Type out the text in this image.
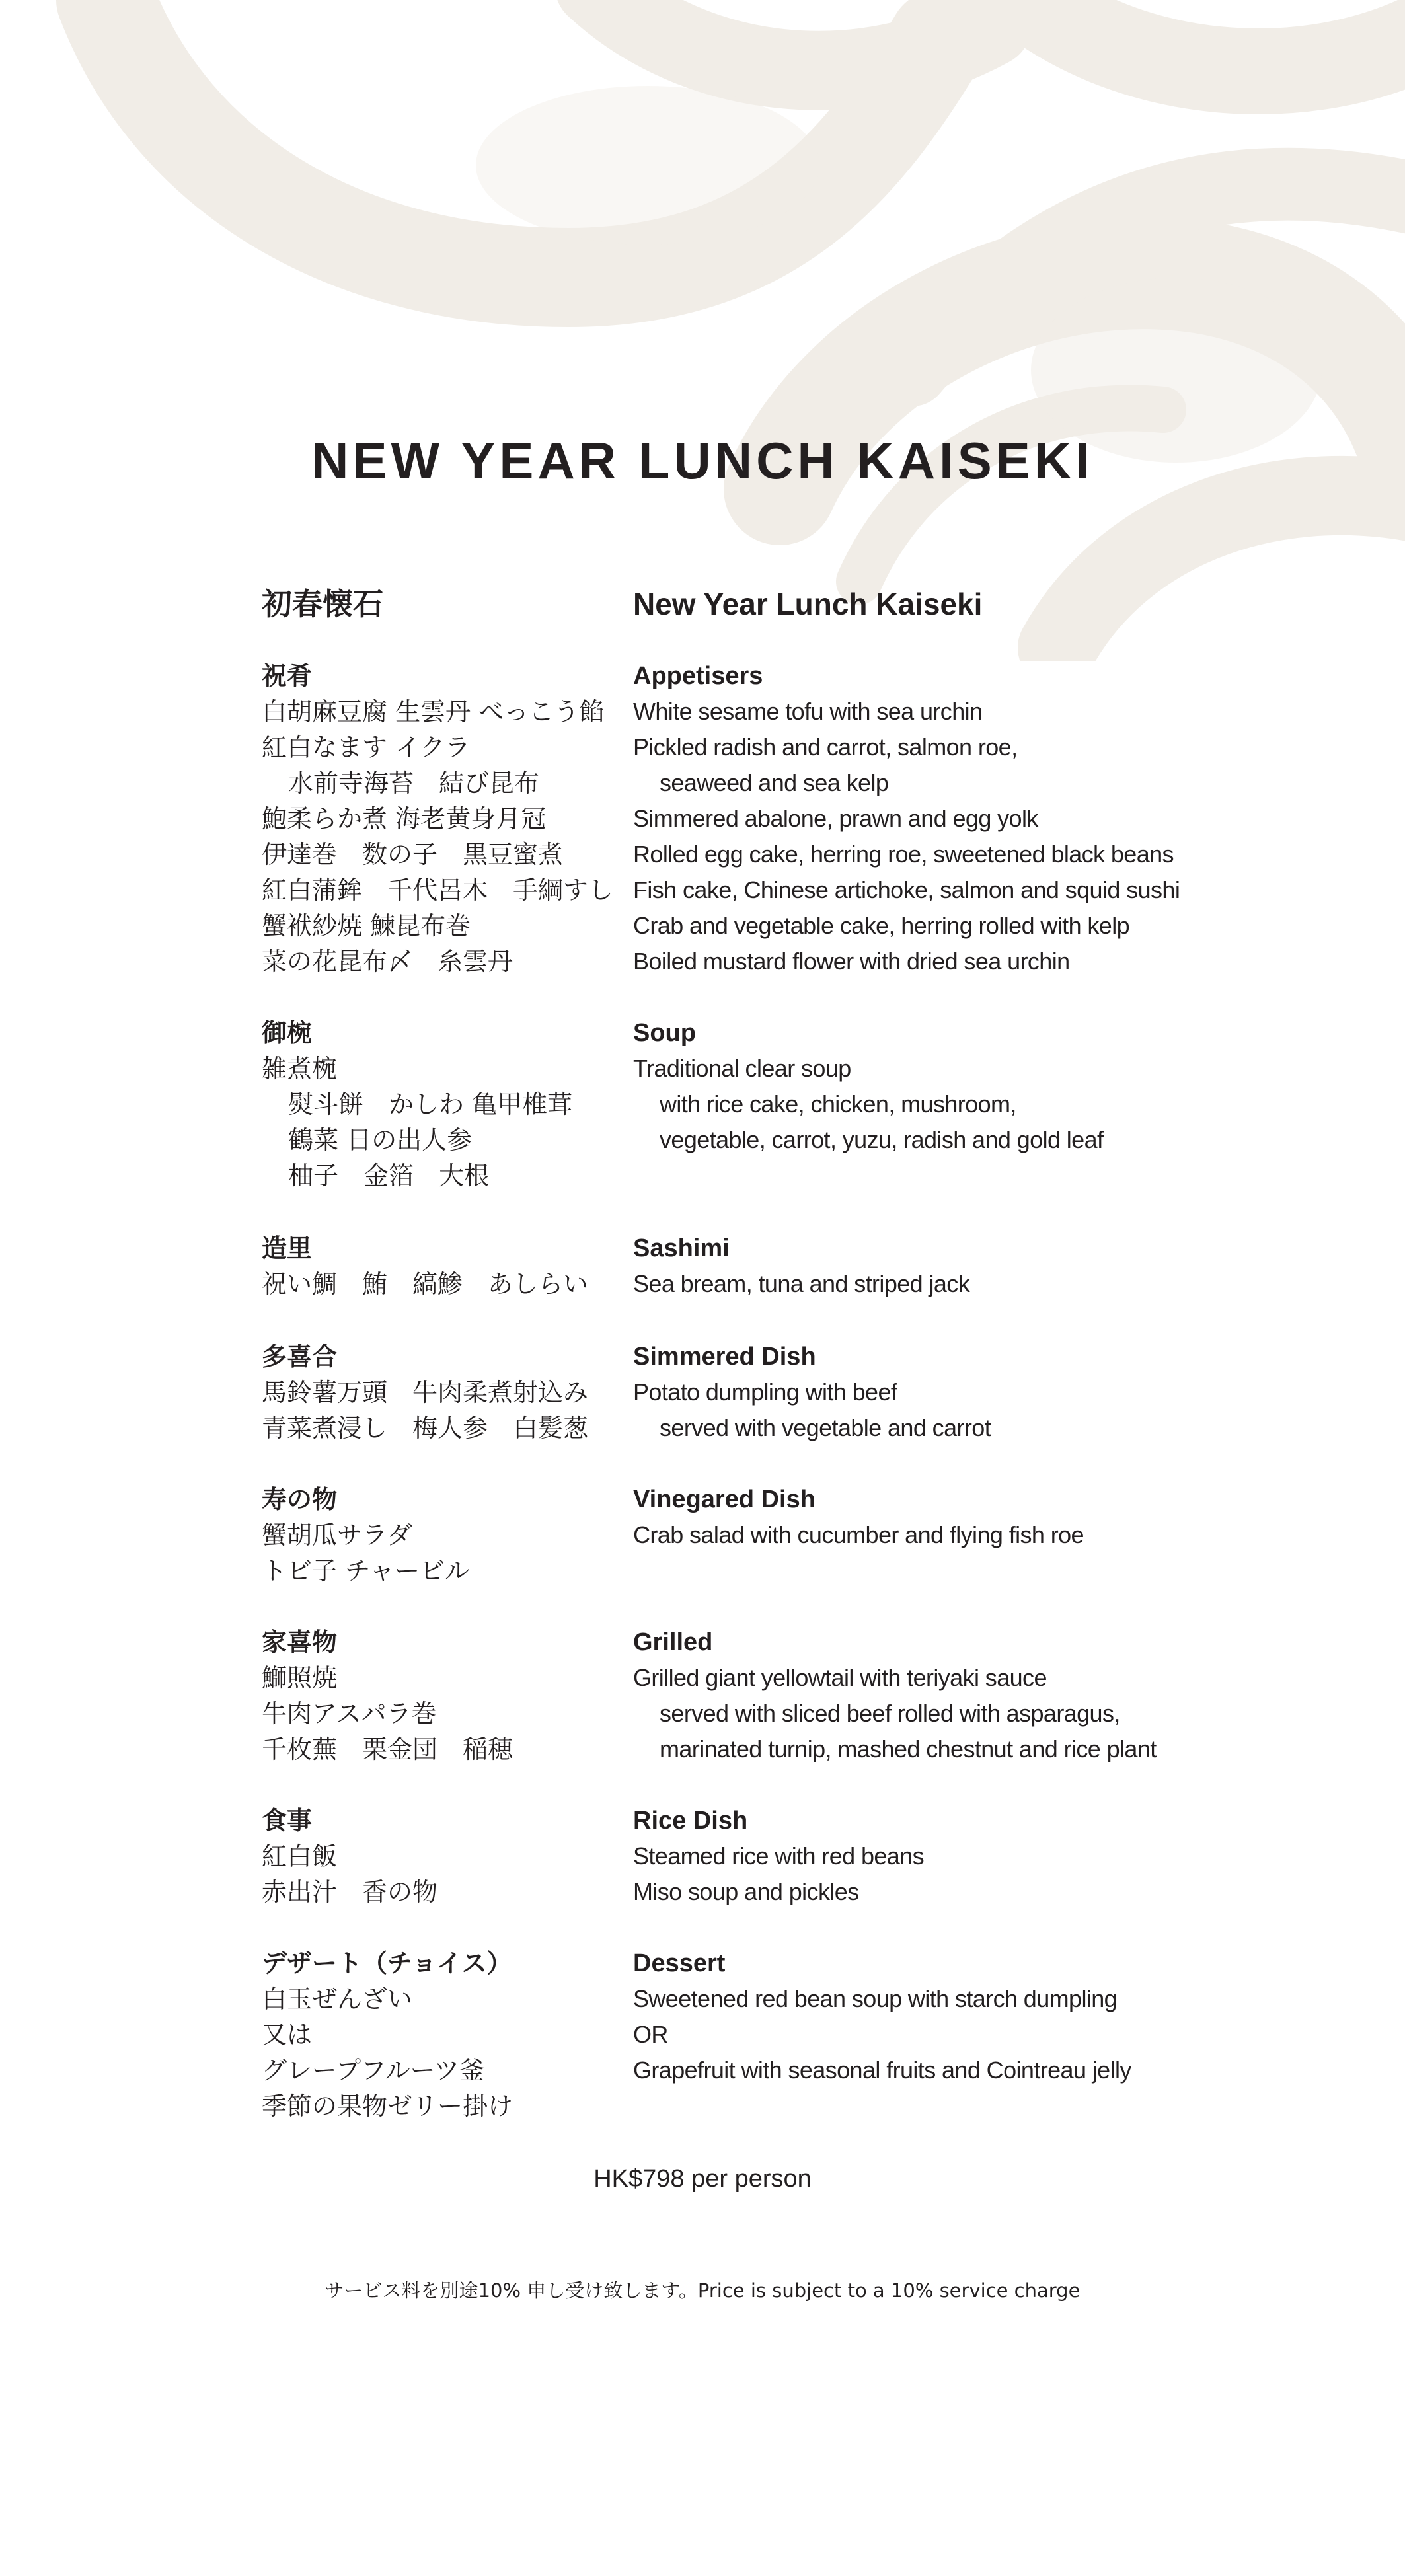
NEW YEAR LUNCH KAISEKI
初春懐石
祝肴
白胡麻豆腐 生雲丹 べっこう餡
紅白なます イクラ
水前寺海苔　結び昆布
鮑柔らか煮 海老黄身月冠
伊達巻　数の子　黒豆蜜煮
紅白蒲鉾　千代呂木　手綱すし
蟹袱紗焼 鰊昆布巻
菜の花昆布〆　糸雲丹
御椀
雑煮椀
熨斗餅　かしわ 亀甲椎茸
鶴菜 日の出人参
柚子　金箔　大根
造里
祝い鯛　鮪　縞鯵　あしらい
多喜合
馬鈴薯万頭　牛肉柔煮射込み
青菜煮浸し　梅人参　白髪葱
寿の物
蟹胡瓜サラダ
トビ子 チャービル
家喜物
鰤照焼
牛肉アスパラ巻
千枚蕪　栗金団　稲穂
食事
紅白飯
赤出汁　香の物
デザート（チョイス）
白玉ぜんざい
又は
グレープフルーツ釜
季節の果物ゼリー掛け
New Year Lunch Kaiseki
Appetisers
White sesame tofu with sea urchin
Pickled radish and carrot, salmon roe,
seaweed and sea kelp
Simmered abalone, prawn and egg yolk
Rolled egg cake, herring roe, sweetened black beans
Fish cake, Chinese artichoke, salmon and squid sushi
Crab and vegetable cake, herring rolled with kelp
Boiled mustard flower with dried sea urchin
Soup
Traditional clear soup
with rice cake, chicken, mushroom,
vegetable, carrot, yuzu, radish and gold leaf
Sashimi
Sea bream, tuna and striped jack
Simmered Dish
Potato dumpling with beef
served with vegetable and carrot
Vinegared Dish
Crab salad with cucumber and flying fish roe
Grilled
Grilled giant yellowtail with teriyaki sauce
served with sliced beef rolled with asparagus,
marinated turnip, mashed chestnut and rice plant
Rice Dish
Steamed rice with red beans
Miso soup and pickles
Dessert
Sweetened red bean soup with starch dumpling
OR
Grapefruit with seasonal fruits and Cointreau jelly
HK$798 per person
サービス料を別途10% 申し受け致します。Price is subject to a 10% service charge
